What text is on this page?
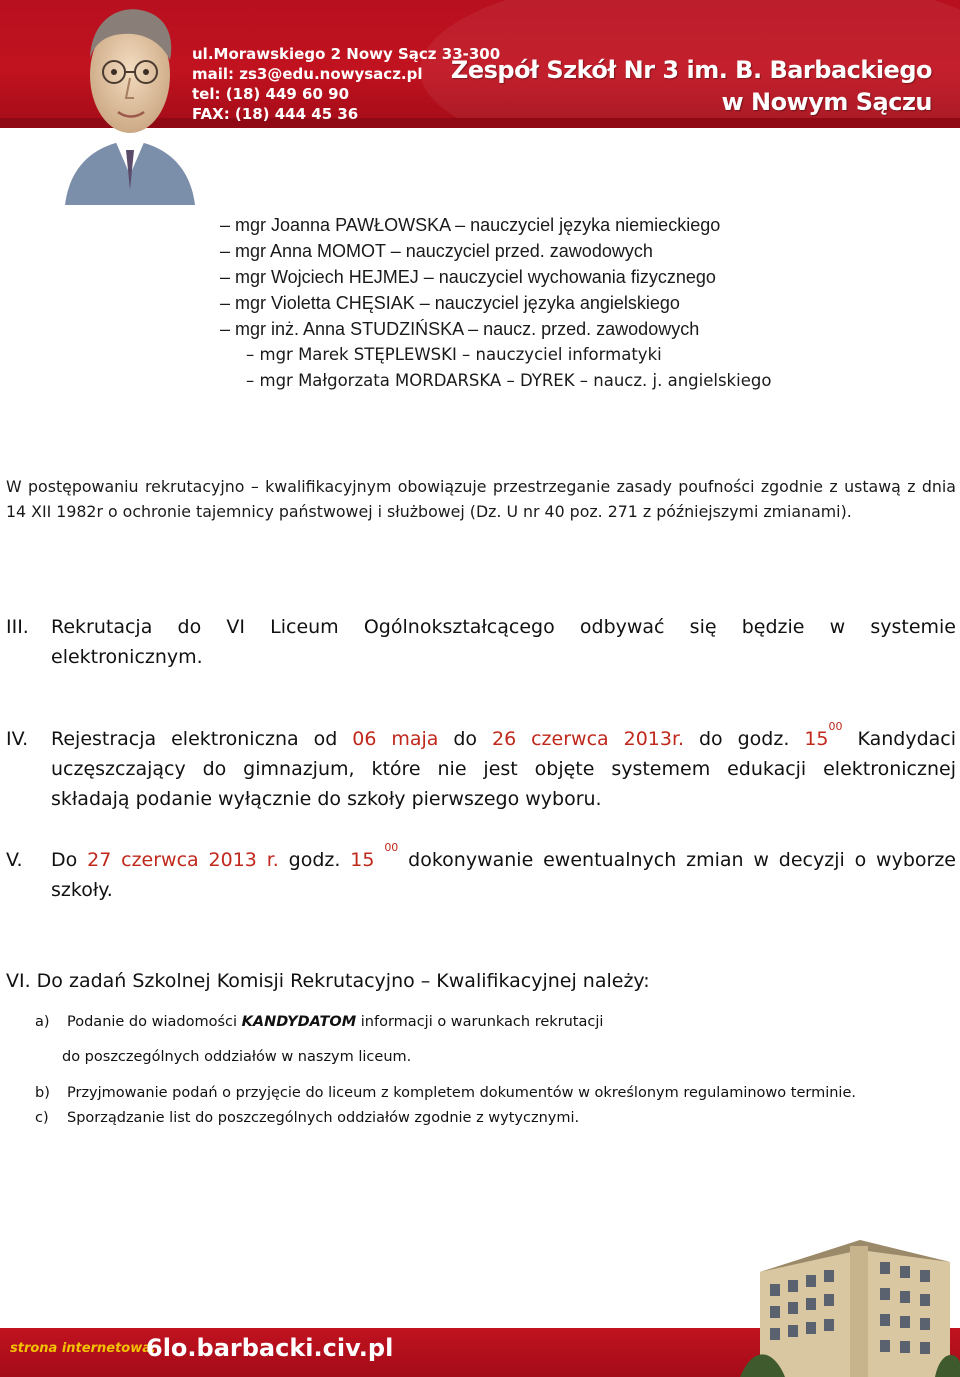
ul.Morawskiego 2 Nowy Sącz 33-300
mail: zs3@edu.nowysacz.pl
tel: (18) 449 60 90
FAX: (18) 444 45 36
Zespół Szkół Nr 3 im. B. Barbackiego
w Nowym Sączu
– mgr Joanna PAWŁOWSKA – nauczyciel języka niemieckiego
– mgr Anna MOMOT – nauczyciel przed. zawodowych
– mgr Wojciech HEJMEJ – nauczyciel wychowania fizycznego
– mgr Violetta CHĘSIAK – nauczyciel języka angielskiego
– mgr inż. Anna STUDZIŃSKA – naucz. przed. zawodowych
– mgr Marek STĘPLEWSKI – nauczyciel informatyki
– mgr Małgorzata MORDARSKA – DYREK – naucz. j. angielskiego
W postępowaniu rekrutacyjno – kwalifikacyjnym obowiązuje przestrzeganie zasady poufności zgodnie z ustawą z dnia 14 XII 1982r o ochronie tajemnicy państwowej i służbowej (Dz. U nr 40 poz. 271 z późniejszymi zmianami).
III. Rekrutacja do VI Liceum Ogólnokształcącego odbywać się będzie w systemie
elektronicznym.
IV. Rejestracja elektroniczna od 06 maja do 26 czerwca 2013r. do godz. $15^{00}$ Kandydaci
uczęszczający do gimnazjum, które nie jest objęte systemem edukacji elektronicznej
składają podanie wyłącznie do szkoły pierwszego wyboru.
V. Do 27 czerwca 2013 r. godz. 15 $^{00}$ dokonywanie ewentualnych zmian w decyzji o wyborze
szkoły.
VI. Do zadań Szkolnej Komisji Rekrutacyjno – Kwalifikacyjnej należy:
a) Podanie do wiadomości KANDYDATOM informacji o warunkach rekrutacji
do poszczególnych oddziałów w naszym liceum.
b) Przyjmowanie podań o przyjęcie do liceum z kompletem dokumentów w określonym regulaminowo terminie.
c) Sporządzanie list do poszczególnych oddziałów zgodnie z wytycznymi.
strona internetowa:
6lo.barbacki.civ.pl
